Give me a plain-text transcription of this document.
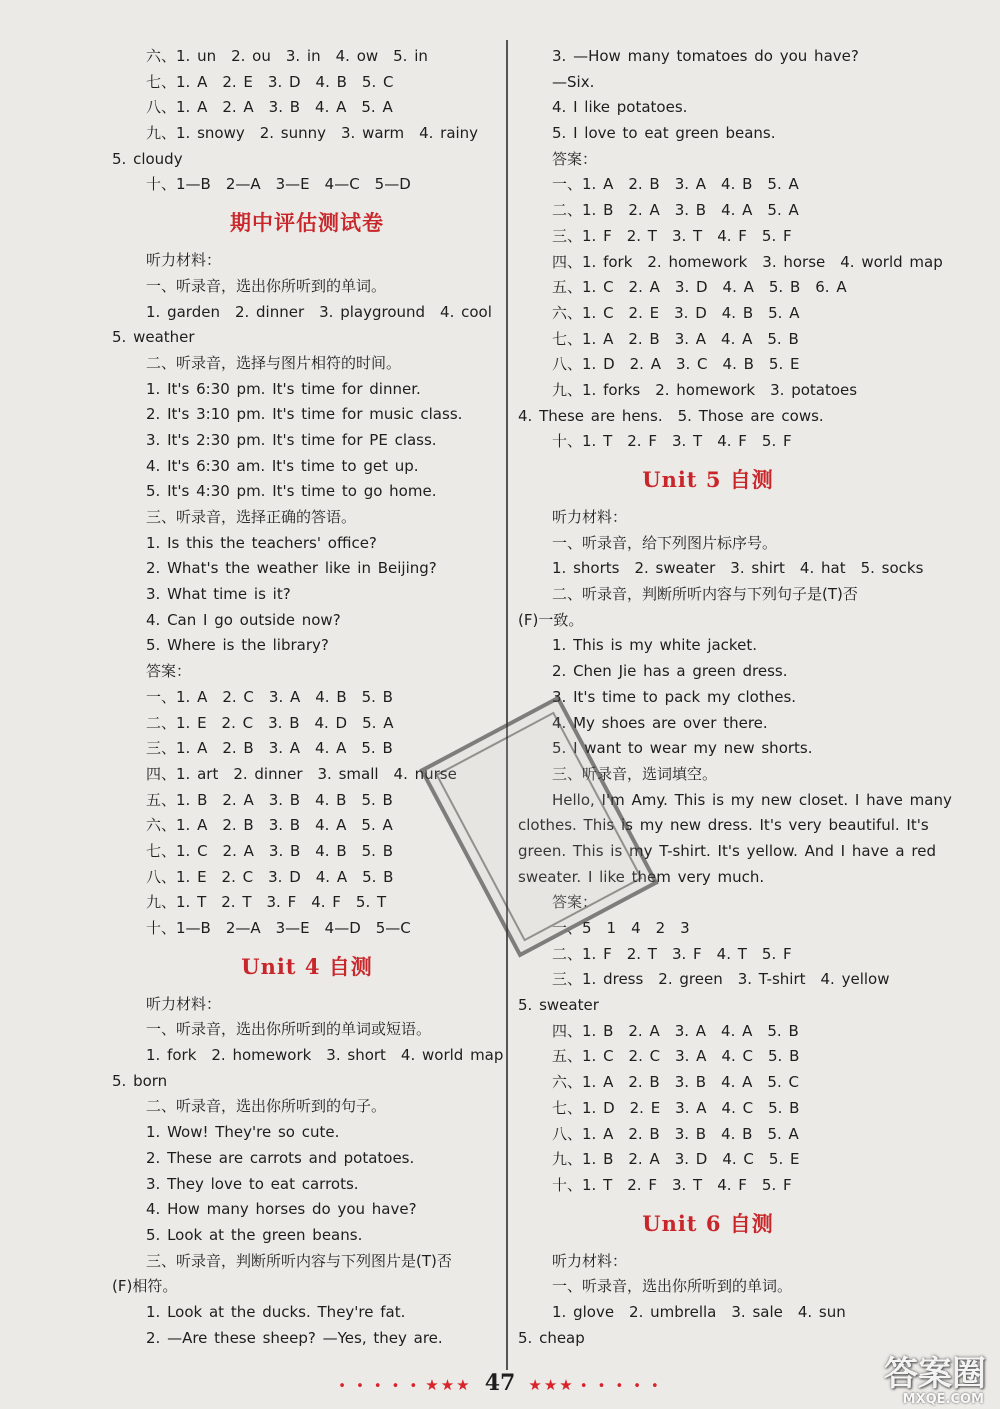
六、1. un　2. ou　3. in　4. ow　5. in
七、1. A　2. E　3. D　4. B　5. C
八、1. A　2. A　3. B　4. A　5. A
九、1. snowy　2. sunny　3. warm　4. rainy
5. cloudy
十、1—B　2—A　3—E　4—C　5—D
期中评估测试卷
听力材料：
一、听录音，选出你所听到的单词。
1. garden　2. dinner　3. playground　4. cool
5. weather
二、听录音，选择与图片相符的时间。
1. It's 6:30 pm. It's time for dinner.
2. It's 3:10 pm. It's time for music class.
3. It's 2:30 pm. It's time for PE class.
4. It's 6:30 am. It's time to get up.
5. It's 4:30 pm. It's time to go home.
三、听录音，选择正确的答语。
1. Is this the teachers' office?
2. What's the weather like in Beijing?
3. What time is it?
4. Can I go outside now?
5. Where is the library?
答案：
一、1. A　2. C　3. A　4. B　5. B
二、1. E　2. C　3. B　4. D　5. A
三、1. A　2. B　3. A　4. A　5. B
四、1. art　2. dinner　3. small　4. nurse
五、1. B　2. A　3. B　4. B　5. B
六、1. A　2. B　3. B　4. A　5. A
七、1. C　2. A　3. B　4. B　5. B
八、1. E　2. C　3. D　4. A　5. B
九、1. T　2. T　3. F　4. F　5. T
十、1—B　2—A　3—E　4—D　5—C
Unit 4 自测
听力材料：
一、听录音，选出你所听到的单词或短语。
1. fork　2. homework　3. short　4. world map
5. born
二、听录音，选出你所听到的句子。
1. Wow! They're so cute.
2. These are carrots and potatoes.
3. They love to eat carrots.
4. How many horses do you have?
5. Look at the green beans.
三、听录音，判断所听内容与下列图片是(T)否
(F)相符。
1. Look at the ducks. They're fat.
2. —Are these sheep? —Yes, they are.
3. —How many tomatoes do you have?
—Six.
4. I like potatoes.
5. I love to eat green beans.
答案：
一、1. A　2. B　3. A　4. B　5. A
二、1. B　2. A　3. B　4. A　5. A
三、1. F　2. T　3. T　4. F　5. F
四、1. fork　2. homework　3. horse　4. world map
五、1. C　2. A　3. D　4. A　5. B　6. A
六、1. C　2. E　3. D　4. B　5. A
七、1. A　2. B　3. A　4. A　5. B
八、1. D　2. A　3. C　4. B　5. E
九、1. forks　2. homework　3. potatoes
4. These are hens.　5. Those are cows.
十、1. T　2. F　3. T　4. F　5. F
Unit 5 自测
听力材料：
一、听录音，给下列图片标序号。
1. shorts　2. sweater　3. shirt　4. hat　5. socks
二、听录音，判断所听内容与下列句子是(T)否
(F)一致。
1. This is my white jacket.
2. Chen Jie has a green dress.
3. It's time to pack my clothes.
4. My shoes are over there.
5. I want to wear my new shorts.
三、听录音，选词填空。
Hello, I'm Amy. This is my new closet. I have many
clothes. This is my new dress. It's very beautiful. It's
green. This is my T-shirt. It's yellow. And I have a red
sweater. I like them very much.
答案：
一、5　1　4　2　3
二、1. F　2. T　3. F　4. T　5. F
三、1. dress　2. green　3. T-shirt　4. yellow
5. sweater
四、1. B　2. A　3. A　4. A　5. B
五、1. C　2. C　3. A　4. C　5. B
六、1. A　2. B　3. B　4. A　5. C
七、1. D　2. E　3. A　4. C　5. B
八、1. A　2. B　3. B　4. B　5. A
九、1. B　2. A　3. D　4. C　5. E
十、1. T　2. F　3. T　4. F　5. F
Unit 6 自测
听力材料：
一、听录音，选出你所听到的单词。
1. glove　2. umbrella　3. sale　4. sun
5. cheap
• • • • • ★★★ 47 ★★★ • • • • •	答案圈
MXQE.COM
